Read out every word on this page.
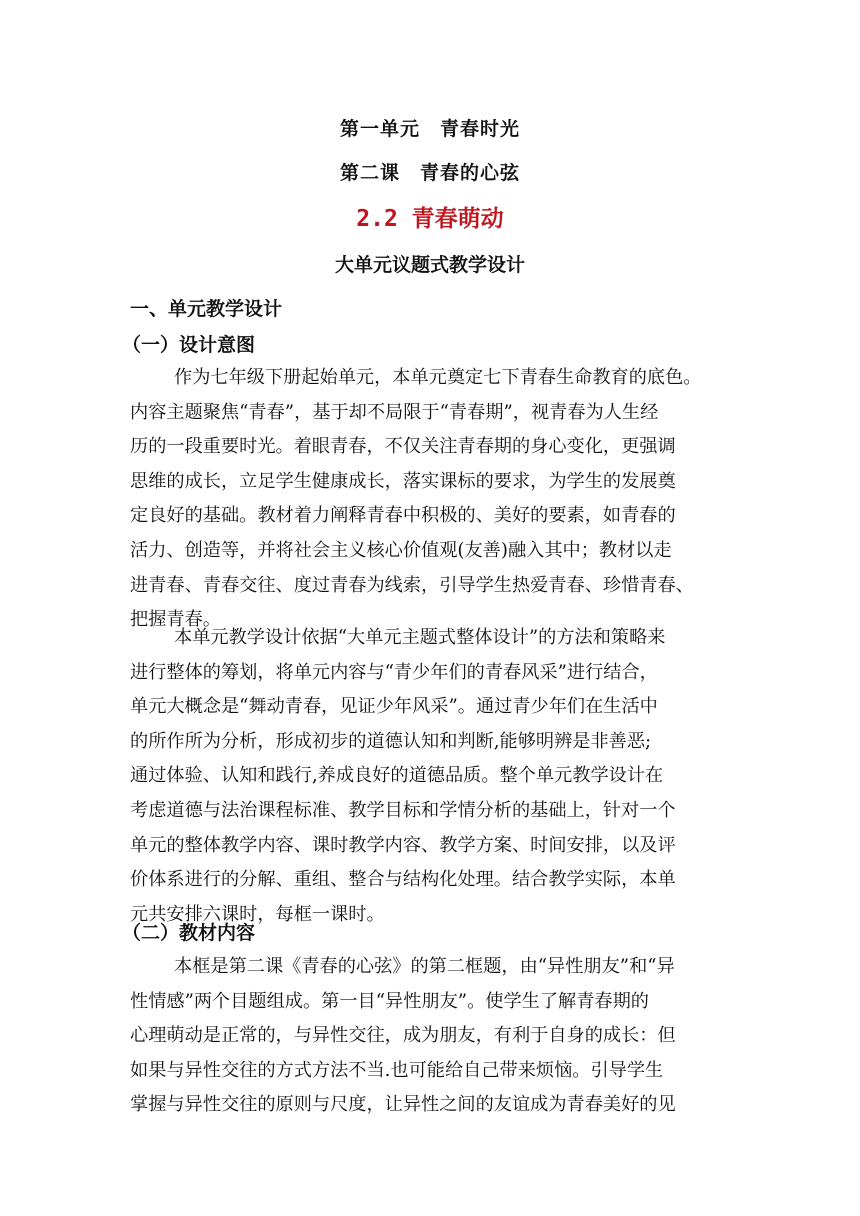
第一单元　青春时光
第二课　青春的心弦
2.2 青春萌动
大单元议题式教学设计
一、单元教学设计
（一）设计意图
作为七年级下册起始单元，本单元奠定七下青春生命教育的底色。
内容主题聚焦“青春”，基于却不局限于“青春期”，视青春为人生经
历的一段重要时光。着眼青春，不仅关注青春期的身心变化，更强调
思维的成长，立足学生健康成长，落实课标的要求，为学生的发展奠
定良好的基础。教材着力阐释青春中积极的、美好的要素，如青春的
活力、创造等，并将社会主义核心价值观(友善)融入其中；教材以走
进青春、青春交往、度过青春为线索，引导学生热爱青春、珍惜青春、
把握青春。
本单元教学设计依据“大单元主题式整体设计”的方法和策略来
进行整体的筹划，将单元内容与“青少年们的青春风采”进行结合，
单元大概念是“舞动青春，见证少年风采”。通过青少年们在生活中
的所作所为分析，形成初步的道德认知和判断,能够明辨是非善恶;
通过体验、认知和践行,养成良好的道德品质。整个单元教学设计在
考虑道德与法治课程标准、教学目标和学情分析的基础上，针对一个
单元的整体教学内容、课时教学内容、教学方案、时间安排，以及评
价体系进行的分解、重组、整合与结构化处理。结合教学实际，本单
元共安排六课时，每框一课时。
（二）教材内容
本框是第二课《青春的心弦》的第二框题，由“异性朋友”和“异
性情感”两个目题组成。第一目“异性朋友”。使学生了解青春期的
心理萌动是正常的，与异性交往，成为朋友，有利于自身的成长：但
如果与异性交往的方式方法不当.也可能给自己带来烦恼。引导学生
掌握与异性交往的原则与尺度，让异性之间的友谊成为青春美好的见
